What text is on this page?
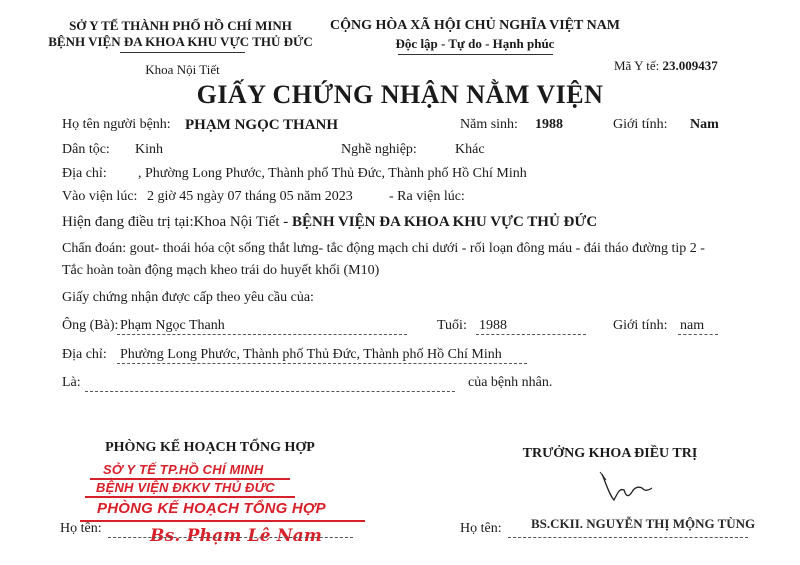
SỞ Y TẾ THÀNH PHỐ HỒ CHÍ MINH
BỆNH VIỆN ĐA KHOA KHU VỰC THỦ ĐỨC
Khoa Nội Tiết
CỘNG HÒA XÃ HỘI CHỦ NGHĨA VIỆT NAM
Độc lập - Tự do - Hạnh phúc
Mã Y tế: 23.009437
GIẤY CHỨNG NHẬN NẰM VIỆN
Họ tên người bệnh: PHẠM NGỌC THANH	Năm sinh: 1988	Giới tính: Nam
Dân tộc: Kinh	Nghề nghiệp:	Khác
Địa chỉ: , Phường Long Phước, Thành phố Thủ Đức, Thành phố Hồ Chí Minh
Vào viện lúc: 2 giờ 45 ngày 07 tháng 05 năm 2023	- Ra viện lúc:
Hiện đang điều trị tại:Khoa Nội Tiết - BỆNH VIỆN ĐA KHOA KHU VỰC THỦ ĐỨC
Chẩn đoán: gout- thoái hóa cột sống thắt lưng- tắc động mạch chi dưới - rối loạn đông máu - đái tháo đường tip 2 -
Tắc hoàn toàn động mạch kheo trái do huyết khối (M10)
Giấy chứng nhận được cấp theo yêu cầu của:
Ông (Bà): Phạm Ngọc Thanh	Tuổi: 1988	Giới tính: nam
Địa chỉ: Phường Long Phước, Thành phố Thủ Đức, Thành phố Hồ Chí Minh
Là:	của bệnh nhân.
PHÒNG KẾ HOẠCH TỔNG HỢP	TRƯỞNG KHOA ĐIỀU TRỊ
SỞ Y TẾ TP.HỒ CHÍ MINH
BỆNH VIỆN ĐKKV THỦ ĐỨC
PHÒNG KẾ HOẠCH TỔNG HỢP
Bs. Phạm Lê Nam
Họ tên:	Họ tên: BS.CKII. NGUYỄN THỊ MỘNG TÙNG
